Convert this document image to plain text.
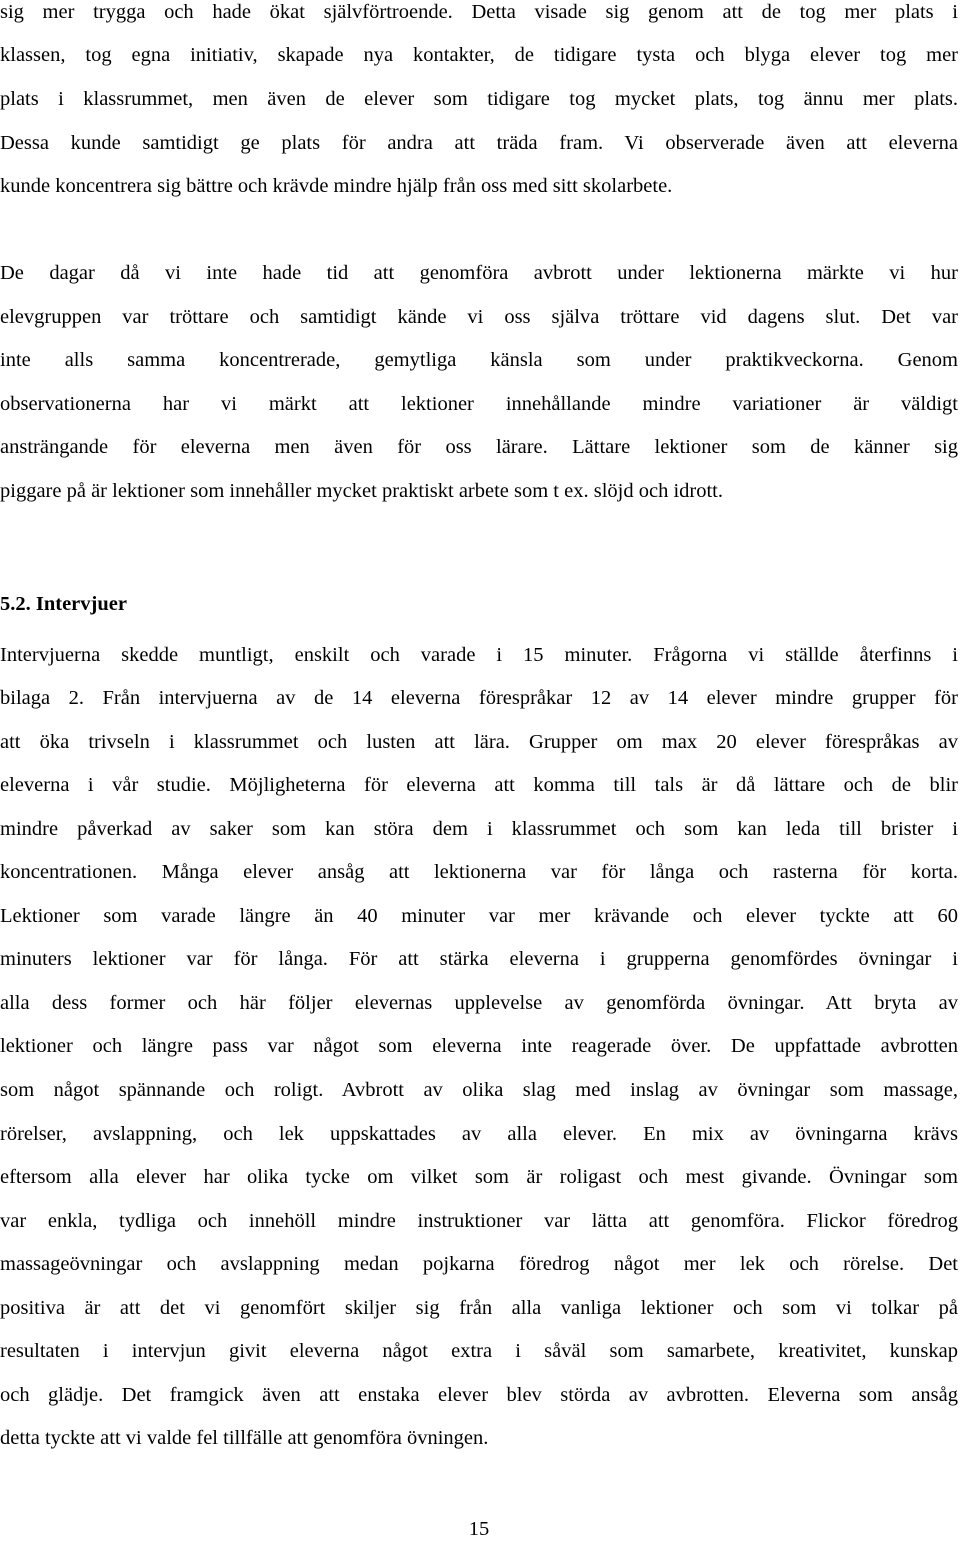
sig mer trygga och hade ökat självförtroende. Detta visade sig genom att de tog mer plats i
klassen, tog egna initiativ, skapade nya kontakter, de tidigare tysta och blyga elever tog mer
plats i klassrummet, men även de elever som tidigare tog mycket plats, tog ännu mer plats.
Dessa kunde samtidigt ge plats för andra att träda fram. Vi observerade även att eleverna
kunde koncentrera sig bättre och krävde mindre hjälp från oss med sitt skolarbete.
De dagar då vi inte hade tid att genomföra avbrott under lektionerna märkte vi hur
elevgruppen var tröttare och samtidigt kände vi oss själva tröttare vid dagens slut. Det var
inte alls samma koncentrerade, gemytliga känsla som under praktikveckorna. Genom
observationerna har vi märkt att lektioner innehållande mindre variationer är väldigt
ansträngande för eleverna men även för oss lärare. Lättare lektioner som de känner sig
piggare på är lektioner som innehåller mycket praktiskt arbete som t ex. slöjd och idrott.
5.2. Intervjuer
Intervjuerna skedde muntligt, enskilt och varade i 15 minuter. Frågorna vi ställde återfinns i
bilaga 2. Från intervjuerna av de 14 eleverna förespråkar 12 av 14 elever mindre grupper för
att öka trivseln i klassrummet och lusten att lära. Grupper om max 20 elever förespråkas av
eleverna i vår studie. Möjligheterna för eleverna att komma till tals är då lättare och de blir
mindre påverkad av saker som kan störa dem i klassrummet och som kan leda till brister i
koncentrationen. Många elever ansåg att lektionerna var för långa och rasterna för korta.
Lektioner som varade längre än 40 minuter var mer krävande och elever tyckte att 60
minuters lektioner var för långa. För att stärka eleverna i grupperna genomfördes övningar i
alla dess former och här följer elevernas upplevelse av genomförda övningar. Att bryta av
lektioner och längre pass var något som eleverna inte reagerade över. De uppfattade avbrotten
som något spännande och roligt. Avbrott av olika slag med inslag av övningar som massage,
rörelser, avslappning, och lek uppskattades av alla elever. En mix av övningarna krävs
eftersom alla elever har olika tycke om vilket som är roligast och mest givande. Övningar som
var enkla, tydliga och innehöll mindre instruktioner var lätta att genomföra. Flickor föredrog
massageövningar och avslappning medan pojkarna föredrog något mer lek och rörelse. Det
positiva är att det vi genomfört skiljer sig från alla vanliga lektioner och som vi tolkar på
resultaten i intervjun givit eleverna något extra i såväl som samarbete, kreativitet, kunskap
och glädje. Det framgick även att enstaka elever blev störda av avbrotten. Eleverna som ansåg
detta tyckte att vi valde fel tillfälle att genomföra övningen.
15
